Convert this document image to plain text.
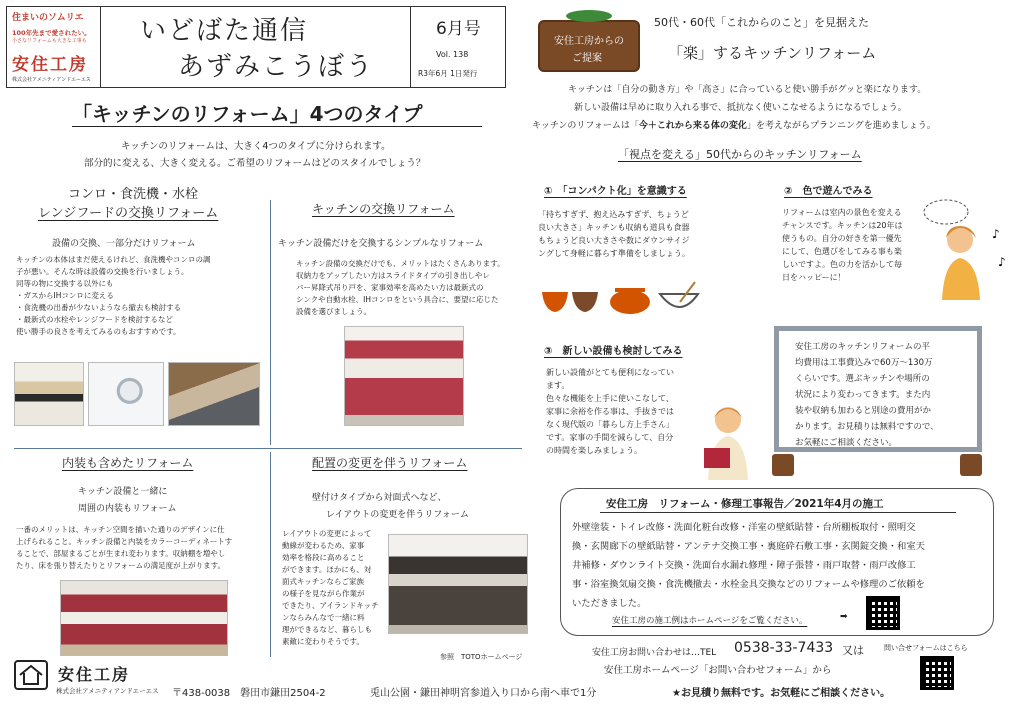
住まいのソムリエ
100年先まで愛されたい。
小さなリフォームも大きな工事も
安住工房
株式会社アメニティアンドエーエス
いどばた通信
あずみこうぼう
6月号
Vol. 138
R3年6月 1日発行
「キッチンのリフォーム」4つのタイプ
キッチンのリフォームは、大きく4つのタイプに分けられます。
部分的に変える、大きく変える。ご希望のリフォームはどのスタイルでしょう？
コンロ・食洗機・水栓
レンジフードの交換リフォーム
設備の交換、一部分だけリフォーム
キッチンの本体はまだ使えるけれど、食洗機やコンロの調
子が悪い。そんな時は設備の交換を行いましょう。
同等の物に交換する以外にも
・ガスからIHコンロに変える
・食洗機の出番が少ないようなら撤去も検討する
・最新式の水栓やレンジフードを検討するなど
使い勝手の良さを考えてみるのもおすすめです。
キッチンの交換リフォーム
キッチン設備だけを交換するシンプルなリフォーム
キッチン設備の交換だけでも、メリットはたくさんあります。
収納力をアップしたい方はスライドタイプの引き出しやレ
バー昇降式吊り戸を、家事効率を高めたい方は最新式の
シンクや自動水栓、IHコンロをという具合に、要望に応じた
設備を選びましょう。
内装も含めたリフォーム
キッチン設備と一緒に
周囲の内装もリフォーム
一番のメリットは、キッチン空間を描いた通りのデザインに仕
上げられること。キッチン設備と内装をカラーコーディネートす
ることで、部屋まるごとが生まれ変わります。収納棚を増やし
たり、床を張り替えたりとリフォームの満足度が上がります。
配置の変更を伴うリフォーム
壁付けタイプから対面式へなど、
レイアウトの変更を伴うリフォーム
レイアウトの変更によって
動線が変わるため、家事
効率を格段に高めること
ができます。ほかにも、対
面式キッチンならご家族
の様子を見ながら作業が
できたり、アイランドキッチ
ンならみんなで一緒に料
理ができるなど、暮らしも
素敵に変わりそうです。
参照　TOTOホームページ
安住工房
株式会社アメニティアンドエーエス 〒438-0038　磐田市鎌田2504-2
安住工房からの
ご提案
50代・60代「これからのこと」を見据えた
「楽」するキッチンリフォーム
キッチンは「自分の動き方」や「高さ」に合っていると使い勝手がグッと楽になります。
新しい設備は早めに取り入れる事で、抵抗なく使いこなせるようになるでしょう。
キッチンのリフォームは「今＋これから来る体の変化」を考えながらプランニングを進めましょう。
「視点を変える」50代からのキッチンリフォーム
①　「コンパクト化」を意識する
「持ちすぎず、抱え込みすぎず、ちょうど
良い大きさ」キッチンも収納も道具も食器
もちょうど良い大きさや数にダウンサイジ
ングして身軽に暮らす準備をしましょう。
②　色で遊んでみる
リフォームは室内の景色を変える
チャンスです。キッチンは20年は
使うもの。自分の好きを第一優先
にして、色選びをしてみる事も楽
しいですよ。色の力を活かして毎
日をハッピーに！
♪
♪
③　新しい設備も検討してみる
新しい設備がとても便利になってい
ます。
色々な機能を上手に使いこなして、
家事に余裕を作る事は、手抜きでは
なく現代版の「暮らし方上手さん」
です。家事の手間を減らして、自分
の時間を楽しみましょう。
安住工房のキッチンリフォームの平
均費用は工事費込みで60万～130万
くらいです。選ぶキッチンや場所の
状況により変わってきます。また内
装や収納も加わると別途の費用がか
かります。お見積りは無料ですので、
お気軽にご相談ください。
安住工房　リフォーム・修理工事報告／2021年4月の施工
外壁塗装・トイレ改修・洗面化粧台改修・洋室の壁紙貼替・台所棚板取付・照明交
換・玄関廊下の壁紙貼替・アンテナ交換工事・裏庭砕石敷工事・玄関錠交換・和室天
井補修・ダウンライト交換・洗面台水漏れ修理・障子張替・雨戸取替・雨戸改修工
事・浴室換気扇交換・食洗機撤去・水栓金具交換などのリフォームや修理のご依頼を
いただきました。
安住工房の施工例はホームページをご覧ください。	➡
安住工房お問い合わせは…TEL 0538-33-7433 又は
安住工房ホームページ「お問い合わせフォーム」から
問い合せフォームはこちら
兎山公園・鎌田神明宮参道入り口から南へ車で1分	★お見積り無料です。お気軽にご相談ください。
